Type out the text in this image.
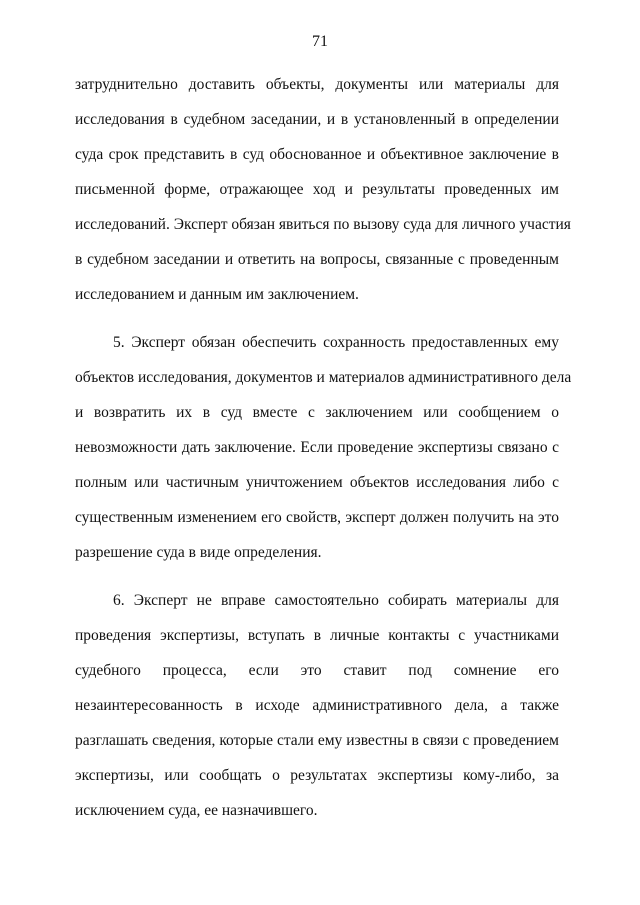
71
затруднительно доставить объекты, документы или материалы для
исследования в судебном заседании, и в установленный в определении
суда срок представить в суд обоснованное и объективное заключение в
письменной форме, отражающее ход и результаты проведенных им
исследований. Эксперт обязан явиться по вызову суда для личного участия
в судебном заседании и ответить на вопросы, связанные с проведенным
исследованием и данным им заключением.
5. Эксперт обязан обеспечить сохранность предоставленных ему
объектов исследования, документов и материалов административного дела
и возвратить их в суд вместе с заключением или сообщением о
невозможности дать заключение. Если проведение экспертизы связано с
полным или частичным уничтожением объектов исследования либо с
существенным изменением его свойств, эксперт должен получить на это
разрешение суда в виде определения.
6. Эксперт не вправе самостоятельно собирать материалы для
проведения экспертизы, вступать в личные контакты с участниками
судебного процесса, если это ставит под сомнение его
незаинтересованность в исходе административного дела, а также
разглашать сведения, которые стали ему известны в связи с проведением
экспертизы, или сообщать о результатах экспертизы кому-либо, за
исключением суда, ее назначившего.
